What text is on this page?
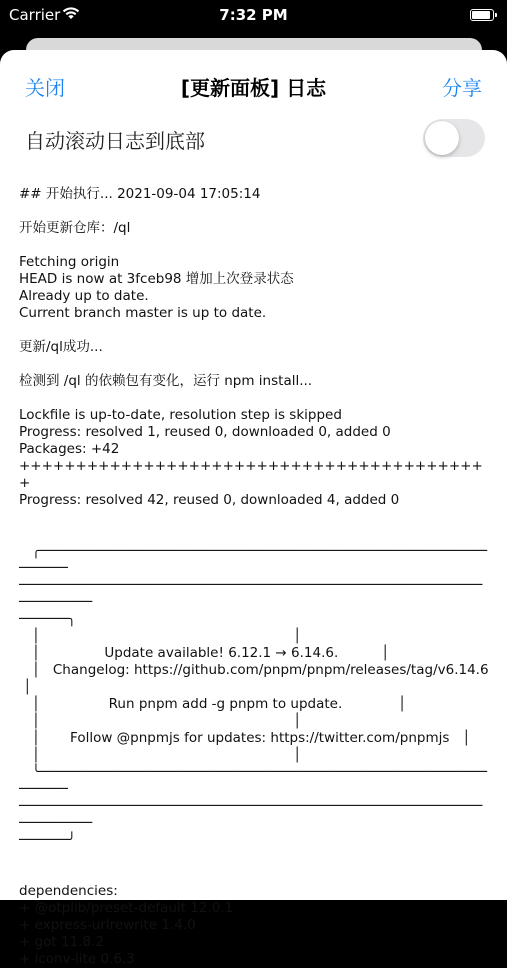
Carrier	7:32 PM
关闭	[更新面板] 日志	分享
自动滚动日志到底部
## 开始执行... 2021-09-04 17:05:14

开始更新仓库：/ql

Fetching origin
HEAD is now at 3fceb98 增加上次登录状态
Already up to date.
Current branch master is up to date.

更新/ql成功...

检测到 /ql 的依赖包有变化，运行 npm install...

Lockfile is up-to-date, resolution step is skipped
Progress: resolved 1, reused 0, downloaded 0, added 0
Packages: +42
++++++++++++++++++++++++++++++++++++++++++
Progress: resolved 42, reused 0, downloaded 4, added 0

╭─────────────────────────────────────────────────────────────
──────────────────────────────────────────────────────────────────
──────╮
│                                                           │
│               Update available! 6.12.1 → 6.14.6.          │
│   Changelog: https://github.com/pnpm/pnpm/releases/tag/v6.14.6
│
│                Run pnpm add -g pnpm to update.             │
│                                                           │
│       Follow @pnpmjs for updates: https://twitter.com/pnpmjs   │
│                                                           │
╰─────────────────────────────────────────────────────────────
──────────────────────────────────────────────────────────────────
──────╯

dependencies:
+ @otplib/preset-default 12.0.1
+ express-urlrewrite 1.4.0
+ got 11.8.2
+ iconv-lite 0.6.3
